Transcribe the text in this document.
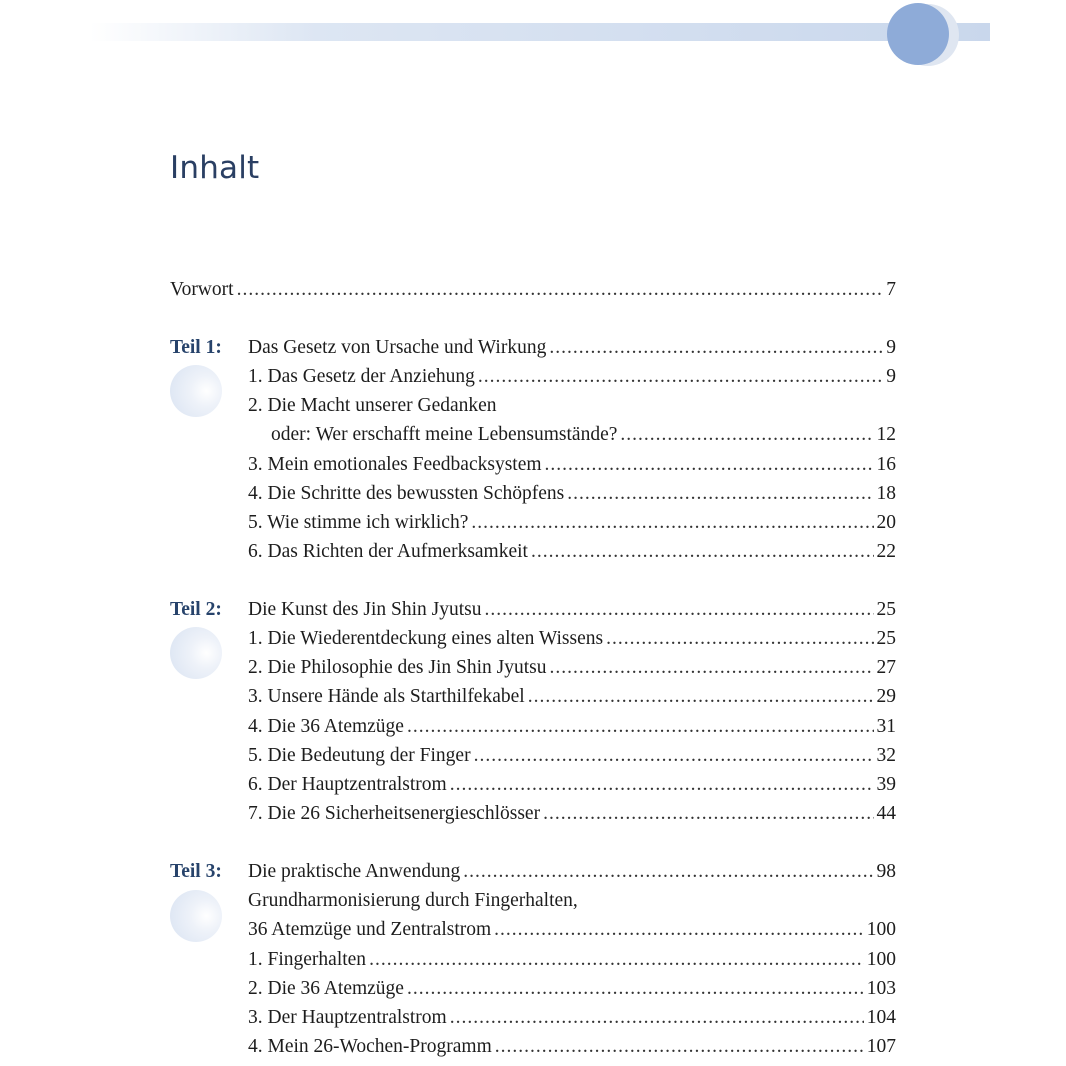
Inhalt
Vorwort .....	7
Teil 1: Das Gesetz von Ursache und Wirkung .....	9
1. Das Gesetz der Anziehung .....	9
2. Die Macht unserer Gedanken
oder: Wer erschafft meine Lebensumstände? .....	12
3. Mein emotionales Feedbacksystem .....	16
4. Die Schritte des bewussten Schöpfens .....	18
5. Wie stimme ich wirklich? .....	20
6. Das Richten der Aufmerksamkeit .....	22
Teil 2: Die Kunst des Jin Shin Jyutsu .....	25
1. Die Wiederentdeckung eines alten Wissens .....	25
2. Die Philosophie des Jin Shin Jyutsu .....	27
3. Unsere Hände als Starthilfekabel .....	29
4. Die 36 Atemzüge .....	31
5. Die Bedeutung der Finger .....	32
6. Der Hauptzentralstrom .....	39
7. Die 26 Sicherheitsenergieschlösser .....	44
Teil 3: Die praktische Anwendung .....	98
Grundharmonisierung durch Fingerhalten,
36 Atemzüge und Zentralstrom .....	100
1. Fingerhalten .....	100
2. Die 36 Atemzüge .....	103
3. Der Hauptzentralstrom .....	104
4. Mein 26-Wochen-Programm .....	107
